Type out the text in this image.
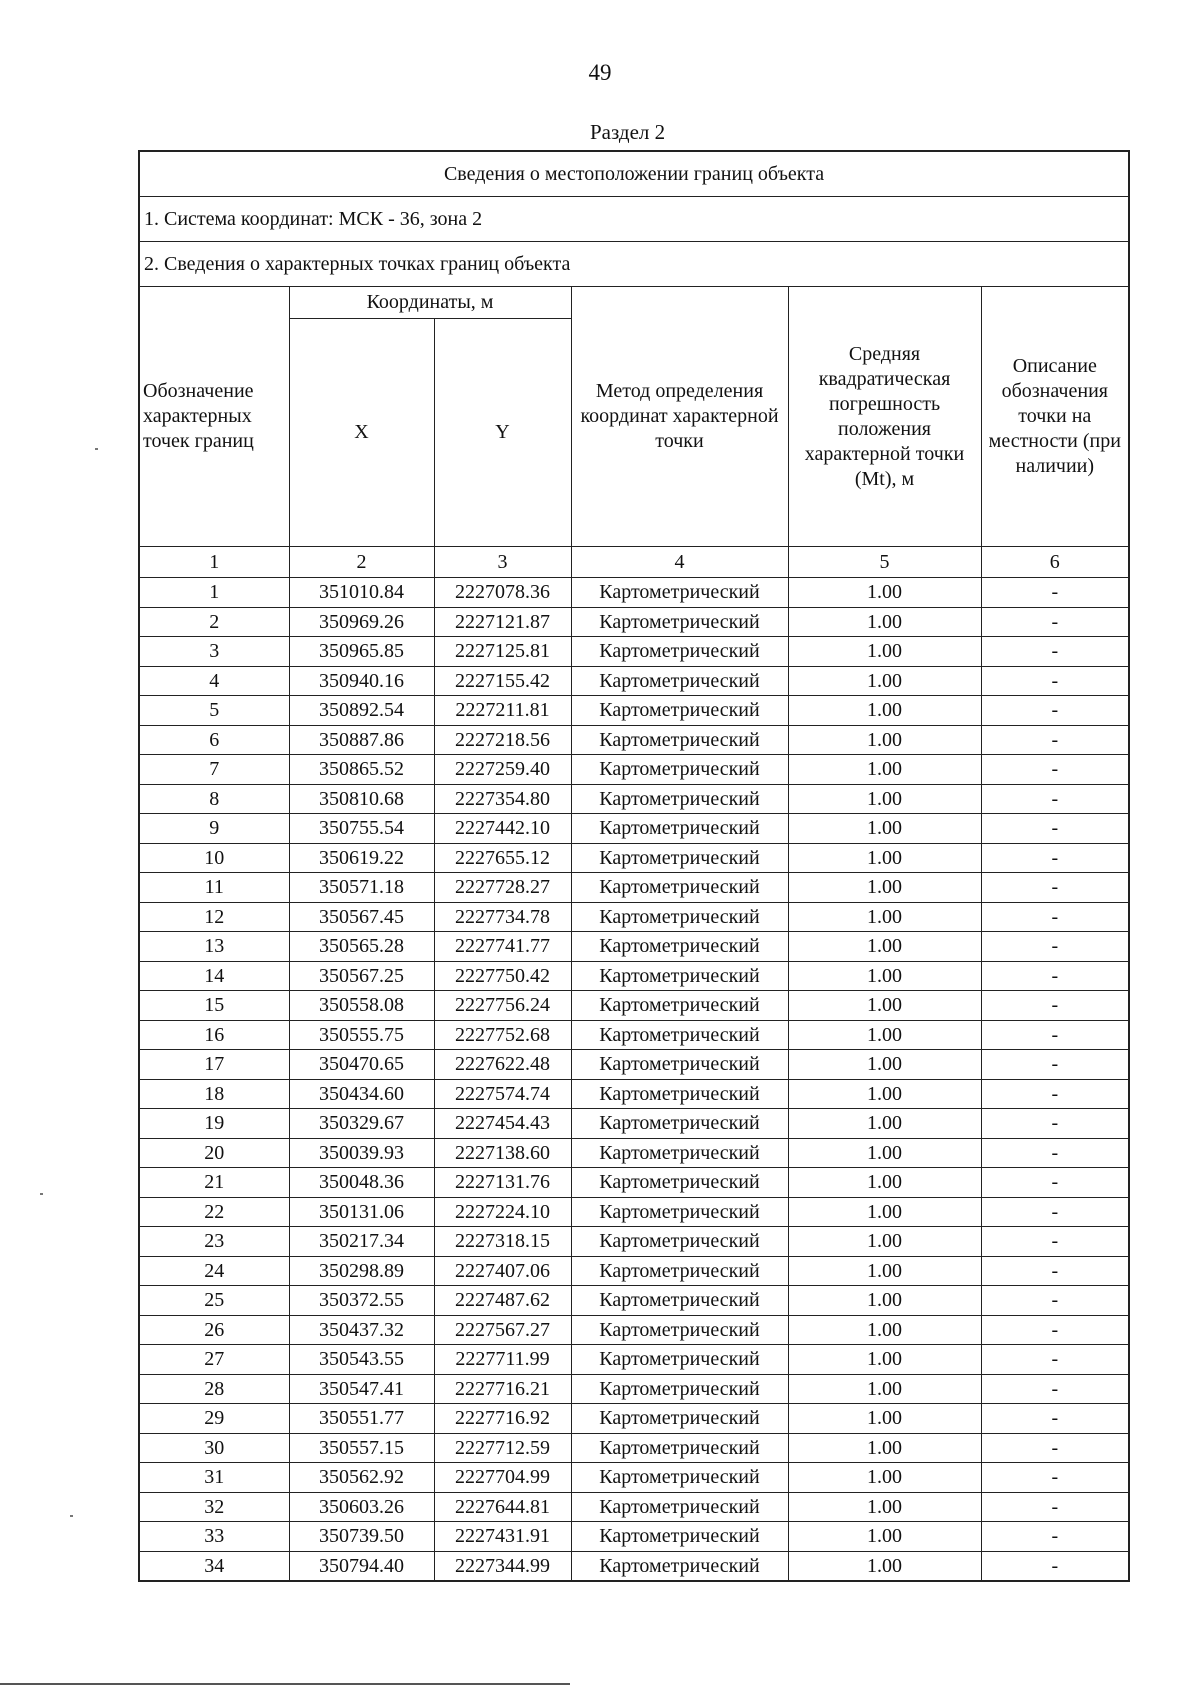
49
Раздел 2
Сведения о местоположении границ объекта					
1. Система координат: МСК - 36, зона 2					
2. Сведения о характерных точках границ объекта					
Обозначение характерных точек границ	Координаты, м		Метод определения координат характерной точки	Средняя квадратическая погрешность положения характерной точки (Mt), м	Описание обозначения точки на местности (при наличии)
	X	Y			
1	2	3	4	5	6
1	351010.84	2227078.36	Картометрический	1.00	-
2	350969.26	2227121.87	Картометрический	1.00	-
3	350965.85	2227125.81	Картометрический	1.00	-
4	350940.16	2227155.42	Картометрический	1.00	-
5	350892.54	2227211.81	Картометрический	1.00	-
6	350887.86	2227218.56	Картометрический	1.00	-
7	350865.52	2227259.40	Картометрический	1.00	-
8	350810.68	2227354.80	Картометрический	1.00	-
9	350755.54	2227442.10	Картометрический	1.00	-
10	350619.22	2227655.12	Картометрический	1.00	-
11	350571.18	2227728.27	Картометрический	1.00	-
12	350567.45	2227734.78	Картометрический	1.00	-
13	350565.28	2227741.77	Картометрический	1.00	-
14	350567.25	2227750.42	Картометрический	1.00	-
15	350558.08	2227756.24	Картометрический	1.00	-
16	350555.75	2227752.68	Картометрический	1.00	-
17	350470.65	2227622.48	Картометрический	1.00	-
18	350434.60	2227574.74	Картометрический	1.00	-
19	350329.67	2227454.43	Картометрический	1.00	-
20	350039.93	2227138.60	Картометрический	1.00	-
21	350048.36	2227131.76	Картометрический	1.00	-
22	350131.06	2227224.10	Картометрический	1.00	-
23	350217.34	2227318.15	Картометрический	1.00	-
24	350298.89	2227407.06	Картометрический	1.00	-
25	350372.55	2227487.62	Картометрический	1.00	-
26	350437.32	2227567.27	Картометрический	1.00	-
27	350543.55	2227711.99	Картометрический	1.00	-
28	350547.41	2227716.21	Картометрический	1.00	-
29	350551.77	2227716.92	Картометрический	1.00	-
30	350557.15	2227712.59	Картометрический	1.00	-
31	350562.92	2227704.99	Картометрический	1.00	-
32	350603.26	2227644.81	Картометрический	1.00	-
33	350739.50	2227431.91	Картометрический	1.00	-
34	350794.40	2227344.99	Картометрический	1.00	-
